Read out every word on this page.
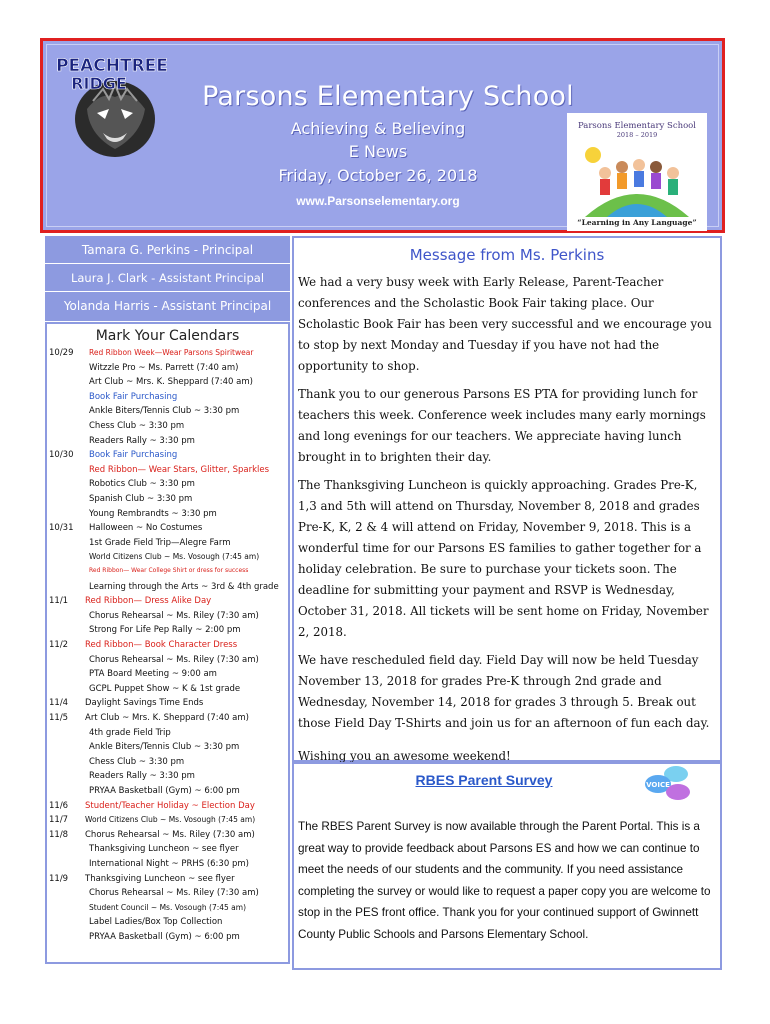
PEACHTREE
RIDGE	Parsons Elementary School
Achieving & Believing
E News
Friday, October 26, 2018
www.Parsonselementary.org
Parsons Elementary School
2018 – 2019
“Learning in Any Language”
Tamara G. Perkins - Principal
Laura J. Clark - Assistant Principal
Yolanda Harris - Assistant Principal
Mark Your Calendars
10/29 Red Ribbon Week—Wear Parsons Spiritwear
Witzzle Pro ~ Ms. Parrett (7:40 am)
Art Club ~ Mrs. K. Sheppard (7:40 am)
Book Fair Purchasing
Ankle Biters/Tennis Club ~ 3:30 pm
Chess Club ~ 3:30 pm
Readers Rally ~ 3:30 pm
10/30 Book Fair Purchasing
Red Ribbon— Wear Stars, Glitter, Sparkles
Robotics Club ~ 3:30 pm
Spanish Club ~ 3:30 pm
Young Rembrandts ~ 3:30 pm
10/31 Halloween ~ No Costumes
1st Grade Field Trip—Alegre Farm
World Citizens Club ~ Ms. Vosough (7:45 am)
Red Ribbon— Wear College Shirt or dress for success
Learning through the Arts ~ 3rd & 4th grade
11/1 Red Ribbon— Dress Alike Day
Chorus Rehearsal ~ Ms. Riley (7:30 am)
Strong For Life Pep Rally ~ 2:00 pm
11/2 Red Ribbon— Book Character Dress
Chorus Rehearsal ~ Ms. Riley (7:30 am)
PTA Board Meeting ~ 9:00 am
GCPL Puppet Show ~ K & 1st grade
11/4 Daylight Savings Time Ends
11/5 Art Club ~ Mrs. K. Sheppard (7:40 am)
4th grade Field Trip
Ankle Biters/Tennis Club ~ 3:30 pm
Chess Club ~ 3:30 pm
Readers Rally ~ 3:30 pm
PRYAA Basketball (Gym) ~ 6:00 pm
11/6 Student/Teacher Holiday ~ Election Day
11/7 World Citizens Club ~ Ms. Vosough (7:45 am)
11/8 Chorus Rehearsal ~ Ms. Riley (7:30 am)
Thanksgiving Luncheon ~ see flyer
International Night ~ PRHS (6:30 pm)
11/9 Thanksgiving Luncheon ~ see flyer
Chorus Rehearsal ~ Ms. Riley (7:30 am)
Student Council ~ Ms. Vosough (7:45 am)
Label Ladies/Box Top Collection
PRYAA Basketball (Gym) ~ 6:00 pm
Message from Ms. Perkins

We had a very busy week with Early Release, Parent-Teacher conferences and the Scholastic Book Fair taking place. Our Scholastic Book Fair has been very successful and we encourage you to stop by next Monday and Tuesday if you have not had the opportunity to shop.

Thank you to our generous Parsons ES PTA for providing lunch for teachers this week. Conference week includes many early mornings and long evenings for our teachers. We appreciate having lunch brought in to brighten their day.

The Thanksgiving Luncheon is quickly approaching. Grades Pre-K, 1,3 and 5th will attend on Thursday, November 8, 2018 and grades Pre-K, K, 2 & 4 will attend on Friday, November 9, 2018. This is a wonderful time for our Parsons ES families to gather together for a holiday celebration. Be sure to purchase your tickets soon. The deadline for submitting your payment and RSVP is Wednesday, October 31, 2018. All tickets will be sent home on Friday, November 2, 2018.

We have rescheduled field day. Field Day will now be held Tuesday November 13, 2018 for grades Pre-K through 2nd grade and Wednesday, November 14, 2018 for grades 3 through 5. Break out those Field Day T-Shirts and join us for an afternoon of fun each day.

Wishing you an awesome weekend!

RBES Parent Survey	VOICE
The RBES Parent Survey is now available through the Parent Portal. This is a great way to provide feedback about Parsons ES and how we can continue to meet the needs of our students and the community. If you need assistance completing the survey or would like to request a paper copy you are welcome to stop in the PES front office. Thank you for your continued support of Gwinnett County Public Schools and Parsons Elementary School.
